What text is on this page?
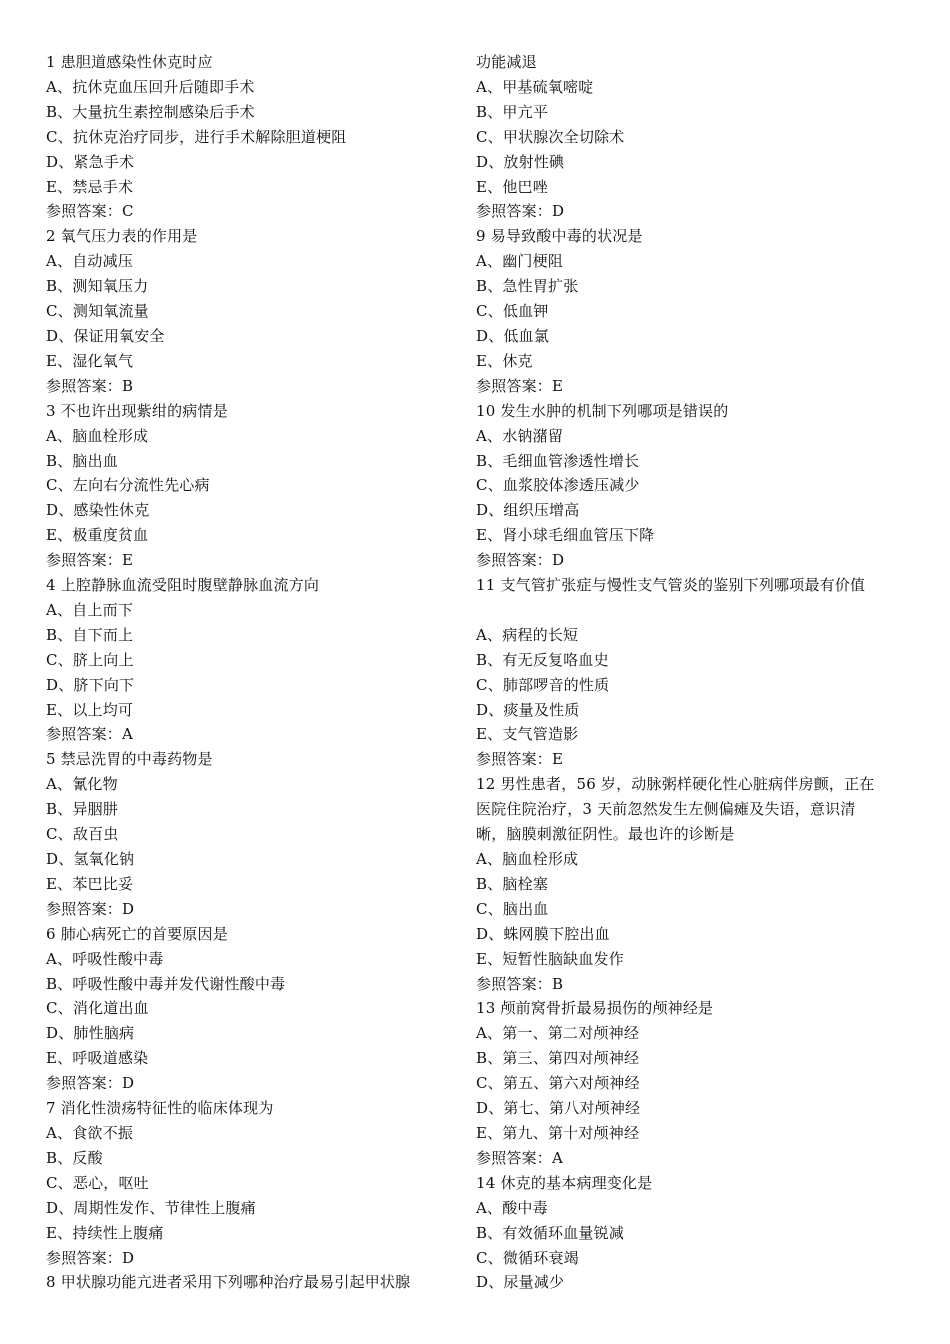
1 患胆道感染性休克时应
A、抗休克血压回升后随即手术
B、大量抗生素控制感染后手术
C、抗休克治疗同步，进行手术解除胆道梗阻
D、紧急手术
E、禁忌手术
参照答案：C
2 氧气压力表的作用是
A、自动减压
B、测知氧压力
C、测知氧流量
D、保证用氧安全
E、湿化氧气
参照答案：B
3 不也许出现紫绀的病情是
A、脑血栓形成
B、脑出血
C、左向右分流性先心病
D、感染性休克
E、极重度贫血
参照答案：E
4 上腔静脉血流受阻时腹壁静脉血流方向
A、自上而下
B、自下而上
C、脐上向上
D、脐下向下
E、以上均可
参照答案：A
5 禁忌洗胃的中毒药物是
A、氰化物
B、异胭肼
C、敌百虫
D、氢氧化钠
E、苯巴比妥
参照答案：D
6 肺心病死亡的首要原因是
A、呼吸性酸中毒
B、呼吸性酸中毒并发代谢性酸中毒
C、消化道出血
D、肺性脑病
E、呼吸道感染
参照答案：D
7 消化性溃疡特征性的临床体现为
A、食欲不振
B、反酸
C、恶心，呕吐
D、周期性发作、节律性上腹痛
E、持续性上腹痛
参照答案：D
8 甲状腺功能亢进者采用下列哪种治疗最易引起甲状腺
功能减退
A、甲基硫氧嘧啶
B、甲亢平
C、甲状腺次全切除术
D、放射性碘
E、他巴唑
参照答案：D
9 易导致酸中毒的状况是
A、幽门梗阻
B、急性胃扩张
C、低血钾
D、低血氯
E、休克
参照答案：E
10 发生水肿的机制下列哪项是错误的
A、水钠潴留
B、毛细血管渗透性增长
C、血浆胶体渗透压减少
D、组织压增高
E、肾小球毛细血管压下降
参照答案：D
11 支气管扩张症与慢性支气管炎的鉴别下列哪项最有价值

A、病程的长短
B、有无反复咯血史
C、肺部啰音的性质
D、痰量及性质
E、支气管造影
参照答案：E
12 男性患者，56 岁，动脉粥样硬化性心脏病伴房颤，正在
医院住院治疗，3 天前忽然发生左侧偏瘫及失语，意识清
晰，脑膜刺激征阴性。最也许的诊断是
A、脑血栓形成
B、脑栓塞
C、脑出血
D、蛛网膜下腔出血
E、短暂性脑缺血发作
参照答案：B
13 颅前窝骨折最易损伤的颅神经是
A、第一、第二对颅神经
B、第三、第四对颅神经
C、第五、第六对颅神经
D、第七、第八对颅神经
E、第九、第十对颅神经
参照答案：A
14 休克的基本病理变化是
A、酸中毒
B、有效循环血量锐减
C、微循环衰竭
D、尿量减少
